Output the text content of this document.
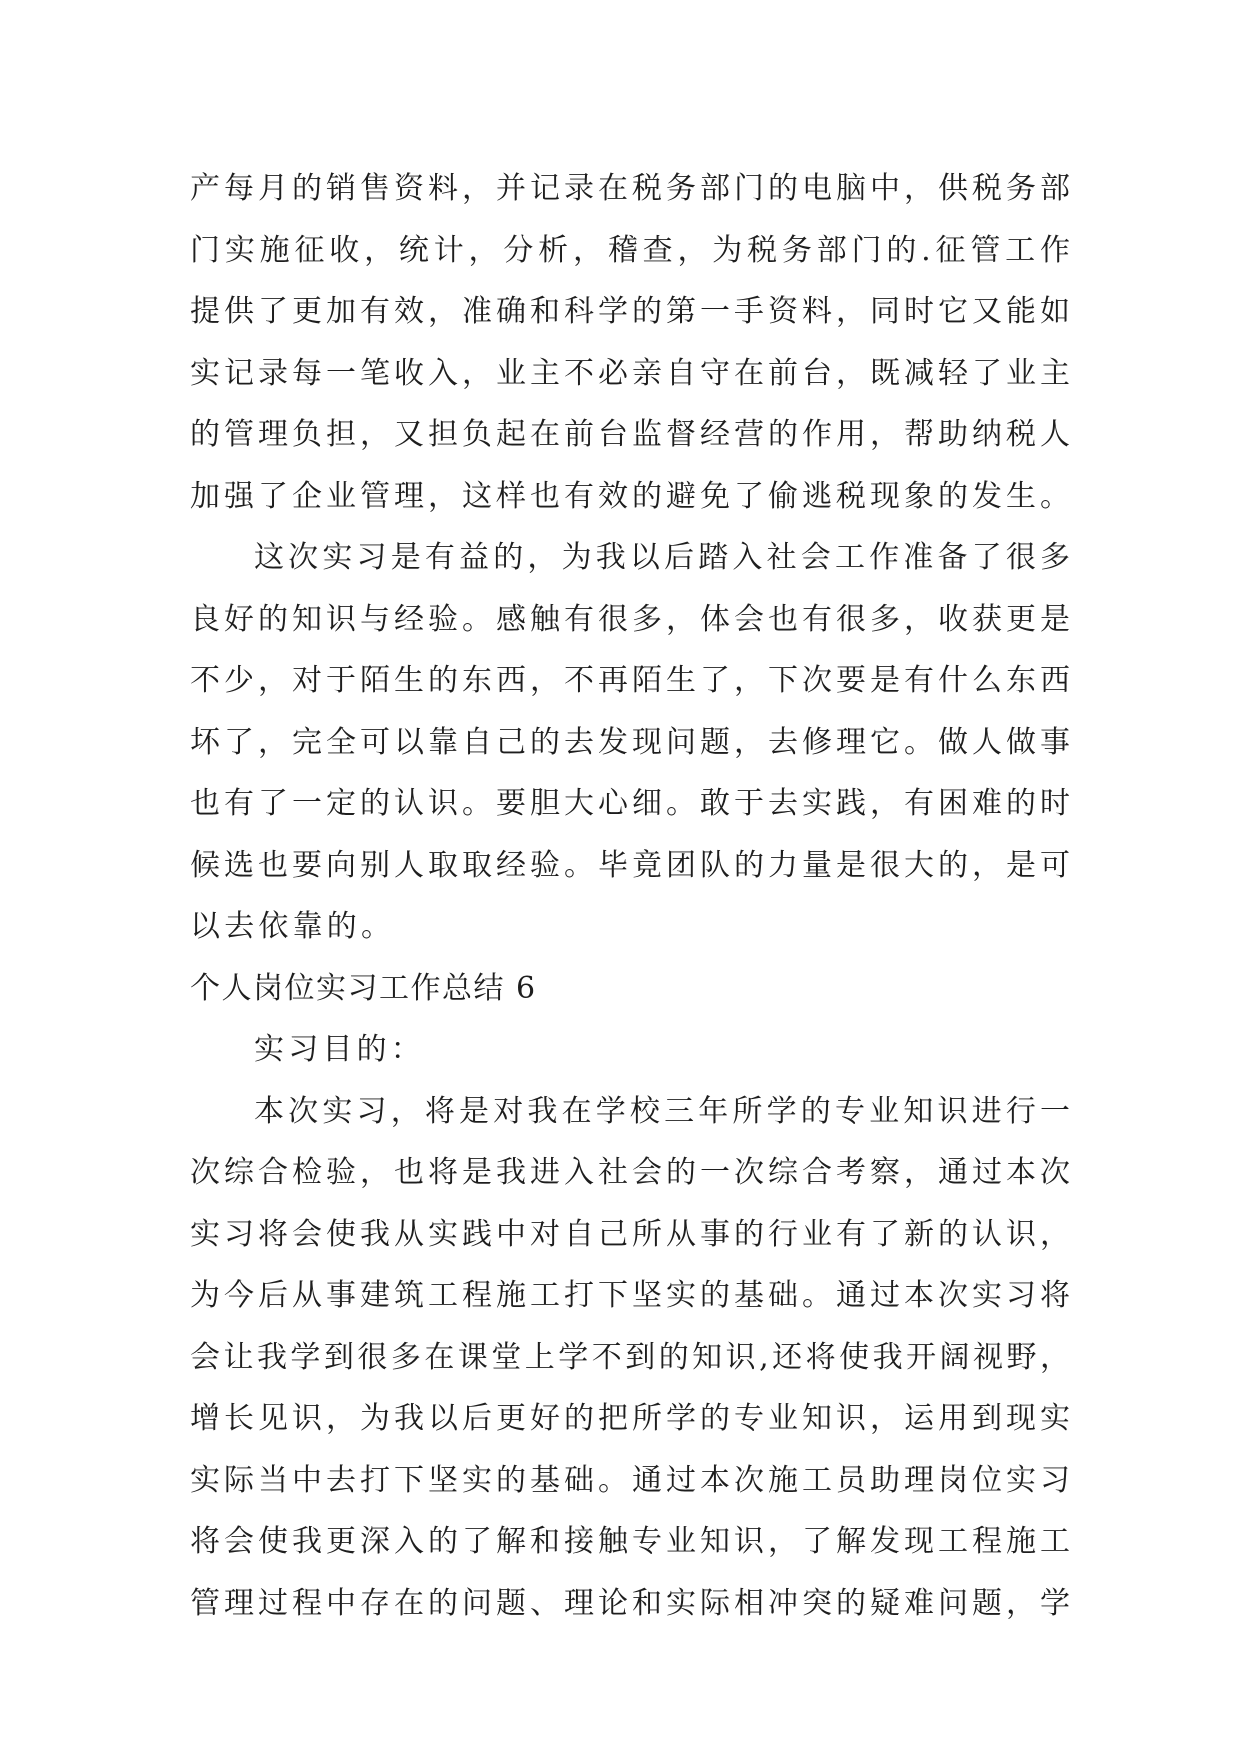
产每月的销售资料，并记录在税务部门的电脑中，供税务部
门实施征收，统计，分析，稽查，为税务部门的.征管工作
提供了更加有效，准确和科学的第一手资料，同时它又能如
实记录每一笔收入，业主不必亲自守在前台，既减轻了业主
的管理负担，又担负起在前台监督经营的作用，帮助纳税人
加强了企业管理，这样也有效的避免了偷逃税现象的发生。
这次实习是有益的，为我以后踏入社会工作准备了很多
良好的知识与经验。感触有很多，体会也有很多，收获更是
不少，对于陌生的东西，不再陌生了，下次要是有什么东西
坏了，完全可以靠自己的去发现问题，去修理它。做人做事
也有了一定的认识。要胆大心细。敢于去实践，有困难的时
候选也要向别人取取经验。毕竟团队的力量是很大的，是可
以去依靠的。
个人岗位实习工作总结 6
实习目的：
本次实习，将是对我在学校三年所学的专业知识进行一
次综合检验，也将是我进入社会的一次综合考察，通过本次
实习将会使我从实践中对自己所从事的行业有了新的认识，
为今后从事建筑工程施工打下坚实的基础。通过本次实习将
会让我学到很多在课堂上学不到的知识,还将使我开阔视野，
增长见识，为我以后更好的把所学的专业知识，运用到现实
实际当中去打下坚实的基础。通过本次施工员助理岗位实习
将会使我更深入的了解和接触专业知识，了解发现工程施工
管理过程中存在的问题、理论和实际相冲突的疑难问题，学
